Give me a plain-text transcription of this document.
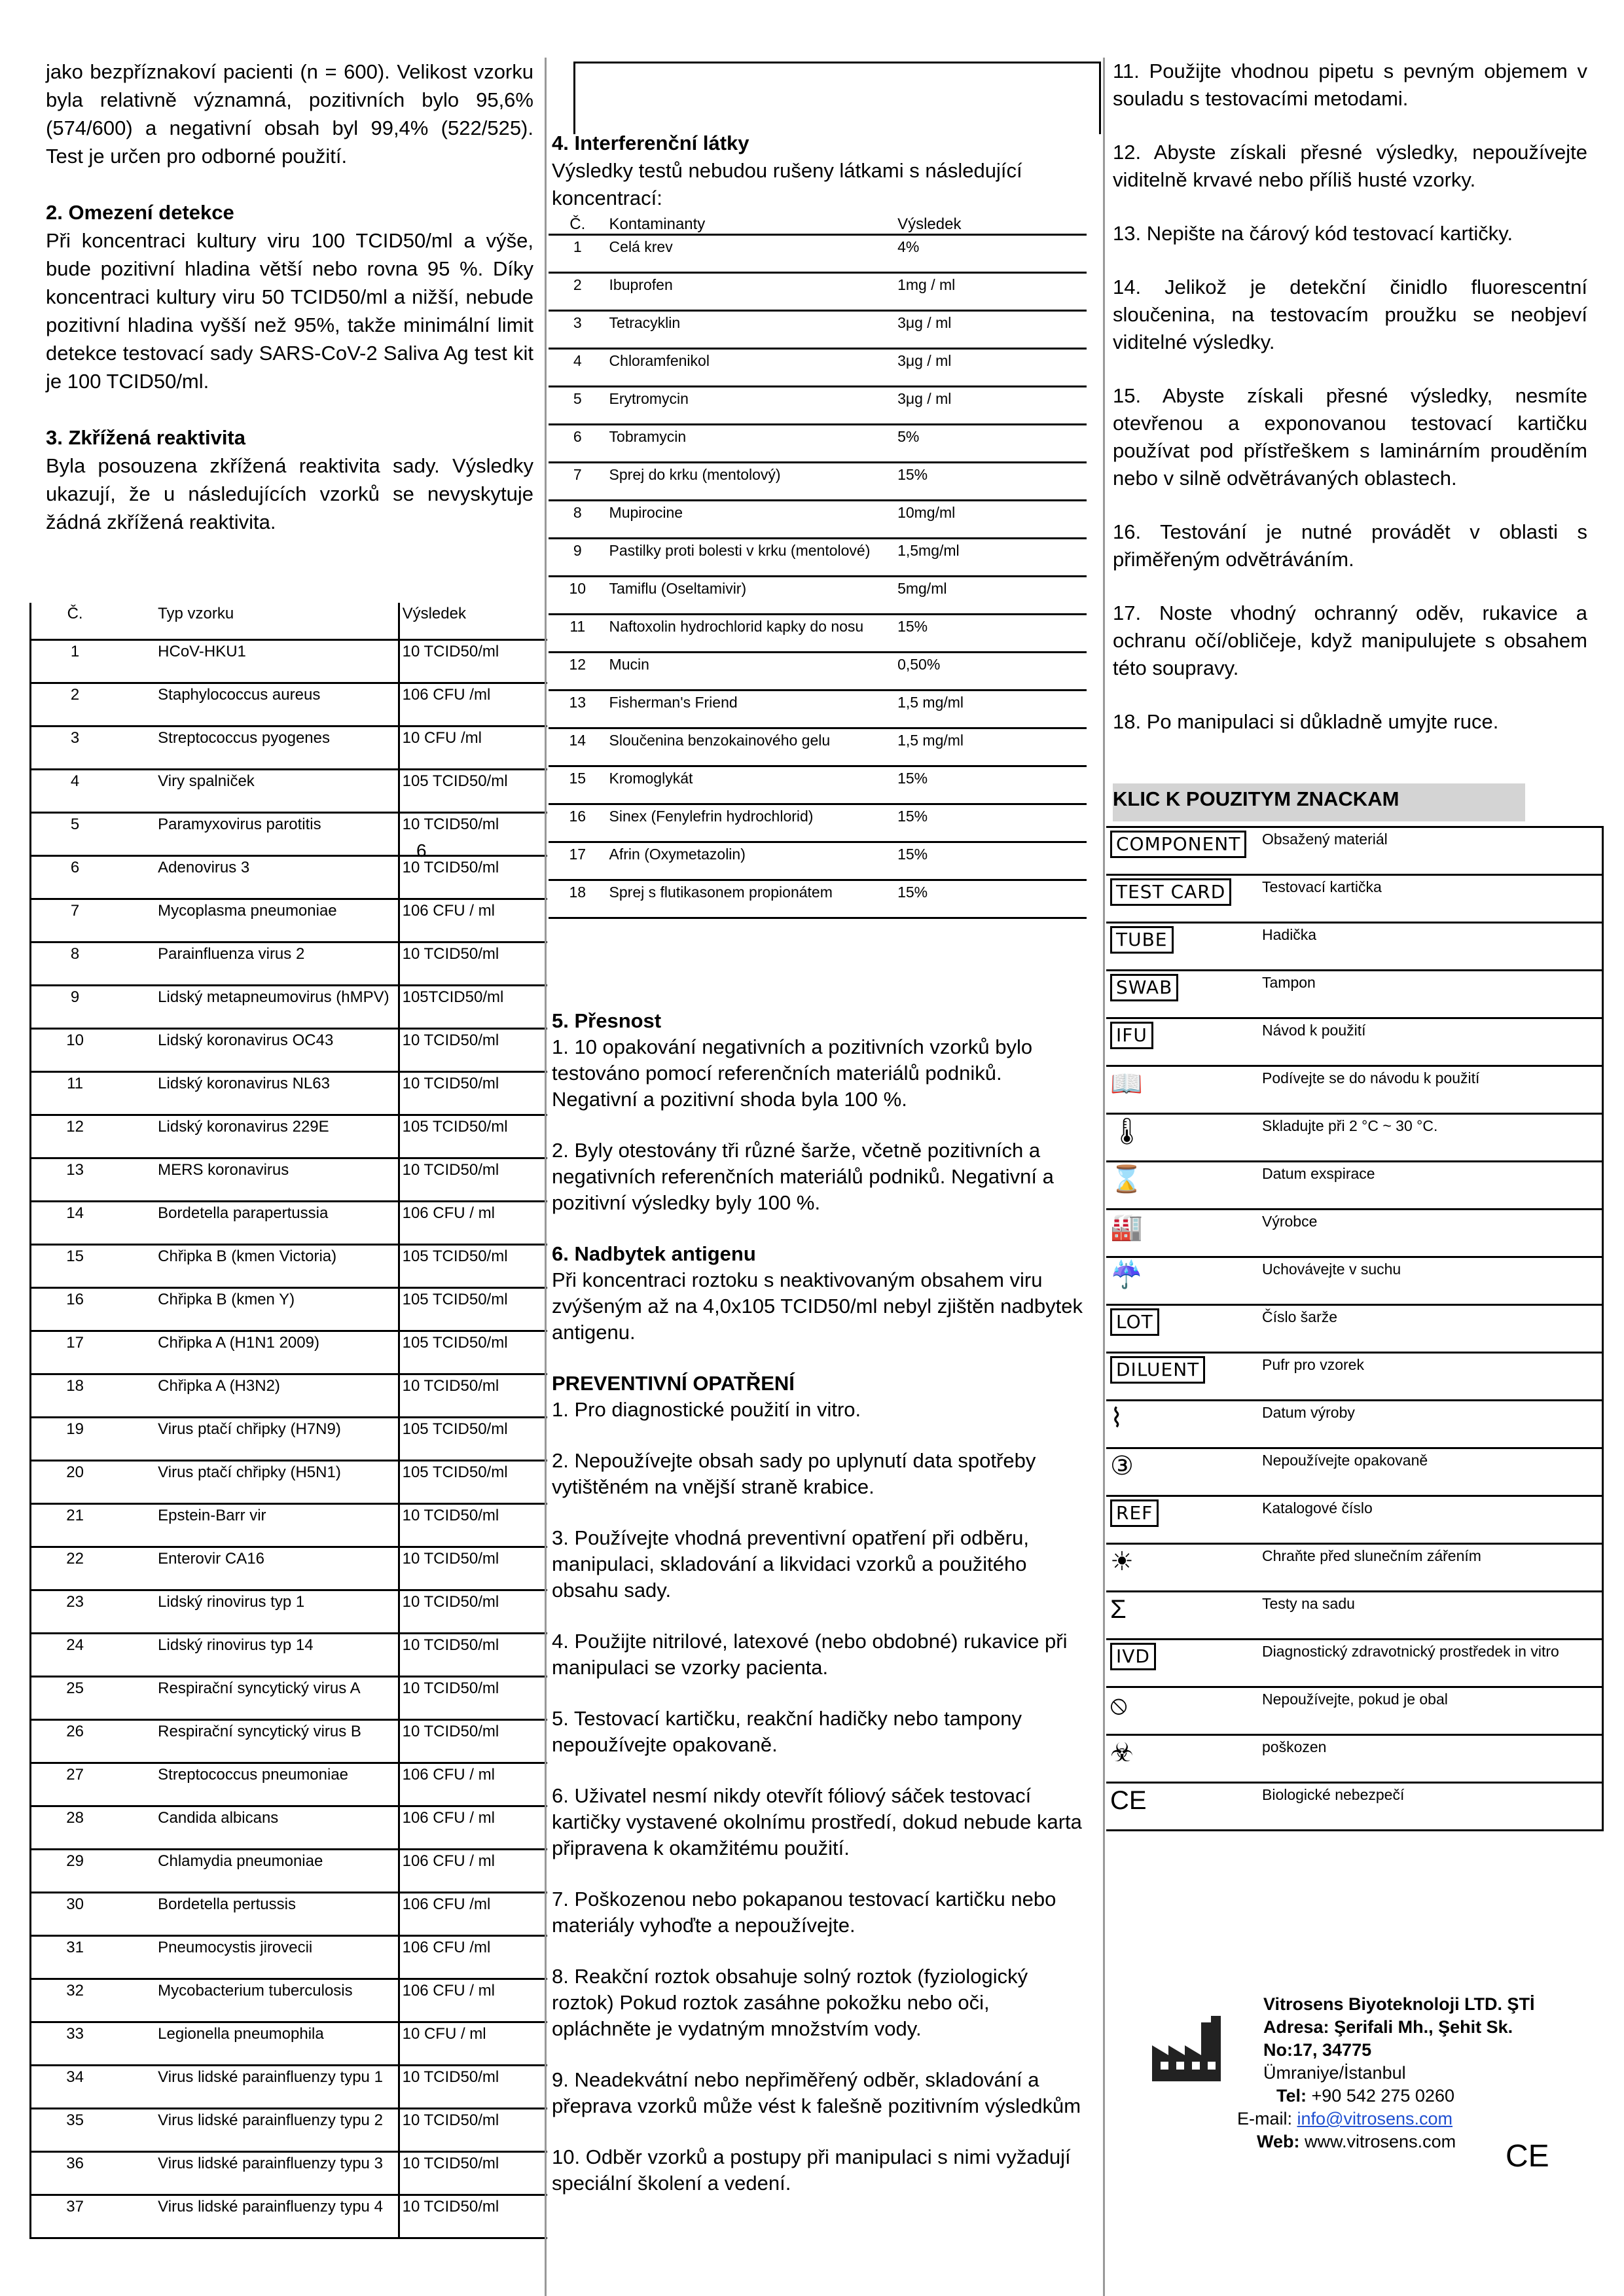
jako bezpříznakoví pacienti (n = 600). Velikost vzorku byla relativně významná, pozitivních bylo 95,6% (574/600) a negativní obsah byl 99,4% (522/525). Test je určen pro odborné použití.

2. Omezení detekce

Při koncentraci kultury viru 100 TCID50/ml a výše, bude pozitivní hladina větší nebo rovna 95 %. Díky koncentraci kultury viru 50 TCID50/ml a nižší, nebude pozitivní hladina vyšší než 95%, takže minimální limit detekce testovací sady SARS-CoV-2 Saliva Ag test kit je 100 TCID50/ml.

3. Zkřížená reaktivita

Byla posouzena zkřížená reaktivita sady. Výsledky ukazují, že u následujících vzorků se nevyskytuje žádná zkřížená reaktivita.

Č.	Typ vzorku	Výsledek
1	HCoV-HKU1	10 TCID50/ml
2	Staphylococcus aureus	106 CFU /ml
3	Streptococcus pyogenes	10 CFU /ml
4	Viry spalniček	105 TCID50/ml
5	Paramyxovirus parotitis	10 TCID50/ml
6	Adenovirus 3	10 TCID50/ml
7	Mycoplasma pneumoniae	106 CFU / ml
8	Parainfluenza virus 2	10 TCID50/ml
9	Lidský metapneumovirus (hMPV)	105TCID50/ml
10	Lidský koronavirus OC43	10 TCID50/ml
11	Lidský koronavirus NL63	10 TCID50/ml
12	Lidský koronavirus 229E	105 TCID50/ml
13	MERS koronavirus	10 TCID50/ml
14	Bordetella parapertussia	106 CFU / ml
15	Chřipka B (kmen Victoria)	105 TCID50/ml
16	Chřipka B (kmen Y)	105 TCID50/ml
17	Chřipka A (H1N1 2009)	105 TCID50/ml
18	Chřipka A (H3N2)	10 TCID50/ml
19	Virus ptačí chřipky (H7N9)	105 TCID50/ml
20	Virus ptačí chřipky (H5N1)	105 TCID50/ml
21	Epstein-Barr vir	10 TCID50/ml
22	Enterovir CA16	10 TCID50/ml
23	Lidský rinovirus typ 1	10 TCID50/ml
24	Lidský rinovirus typ 14	10 TCID50/ml
25	Respirační syncytický virus A	10 TCID50/ml
26	Respirační syncytický virus B	10 TCID50/ml
27	Streptococcus pneumoniae	106 CFU / ml
28	Candida albicans	106 CFU / ml
29	Chlamydia pneumoniae	106 CFU / ml
30	Bordetella pertussis	106 CFU /ml
31	Pneumocystis jirovecii	106 CFU /ml
32	Mycobacterium tuberculosis	106 CFU / ml
33	Legionella pneumophila	10 CFU / ml
34	Virus lidské parainfluenzy typu 1	10 TCID50/ml
35	Virus lidské parainfluenzy typu 2	10 TCID50/ml
36	Virus lidské parainfluenzy typu 3	10 TCID50/ml
37	Virus lidské parainfluenzy typu 4	10 TCID50/ml
6

4. Interferenční látky

Výsledky testů nebudou rušeny látkami s následující koncentrací:

Č.	Kontaminanty	Výsledek
1	Celá krev	4%
2	Ibuprofen	1mg / ml
3	Tetracyklin	3μg / ml
4	Chloramfenikol	3μg / ml
5	Erytromycin	3μg / ml
6	Tobramycin	5%
7	Sprej do krku (mentolový)	15%
8	Mupirocine	10mg/ml
9	Pastilky proti bolesti v krku (mentolové)	1,5mg/ml
10	Tamiflu (Oseltamivir)	5mg/ml
11	Naftoxolin hydrochlorid kapky do nosu	15%
12	Mucin	0,50%
13	Fisherman's Friend	1,5 mg/ml
14	Sloučenina benzokainového gelu	1,5 mg/ml
15	Kromoglykát	15%
16	Sinex (Fenylefrin hydrochlorid)	15%
17	Afrin (Oxymetazolin)	15%
18	Sprej s flutikasonem propionátem	15%

5. Přesnost

1. 10 opakování negativních a pozitivních vzorků bylo testováno pomocí referenčních materiálů podniků. Negativní a pozitivní shoda byla 100 %.

2. Byly otestovány tři různé šarže, včetně pozitivních a negativních referenčních materiálů podniků. Negativní a pozitivní výsledky byly 100 %.

6. Nadbytek antigenu

Při koncentraci roztoku s neaktivovaným obsahem viru zvýšeným až na 4,0x105 TCID50/ml nebyl zjištěn nadbytek antigenu.

PREVENTIVNÍ OPATŘENÍ

1. Pro diagnostické použití in vitro.

2. Nepoužívejte obsah sady po uplynutí data spotřeby vytištěném na vnější straně krabice.

3. Používejte vhodná preventivní opatření při odběru, manipulaci, skladování a likvidaci vzorků a použitého obsahu sady.

4. Použijte nitrilové, latexové (nebo obdobné) rukavice při manipulaci se vzorky pacienta.

5. Testovací kartičku, reakční hadičky nebo tampony nepoužívejte opakovaně.

6. Uživatel nesmí nikdy otevřít fóliový sáček testovací kartičky vystavené okolnímu prostředí, dokud nebude karta připravena k okamžitému použití.

7. Poškozenou nebo pokapanou testovací kartičku nebo materiály vyhoďte a nepoužívejte.

8. Reakční roztok obsahuje solný roztok (fyziologický roztok) Pokud roztok zasáhne pokožku nebo oči, opláchněte je vydatným množstvím vody.

9. Neadekvátní nebo nepřiměřený odběr, skladování a přeprava vzorků může vést k falešně pozitivním výsledkům

10. Odběr vzorků a postupy při manipulaci s nimi vyžadují speciální školení a vedení.

11. Použijte vhodnou pipetu s pevným objemem v souladu s testovacími metodami.

12. Abyste získali přesné výsledky, nepoužívejte viditelně krvavé nebo příliš husté vzorky.

13. Nepište na čárový kód testovací kartičky.

14. Jelikož je detekční činidlo fluorescentní sloučenina, na testovacím proužku se neobjeví viditelné výsledky.

15. Abyste získali přesné výsledky, nesmíte otevřenou a exponovanou testovací kartičku používat pod přístřeškem s laminárním prouděním nebo v silně odvětrávaných oblastech.

16. Testování je nutné provádět v oblasti s přiměřeným odvětráváním.

17. Noste vhodný ochranný oděv, rukavice a ochranu očí/obličeje, když manipulujete s obsahem této soupravy.

18. Po manipulaci si důkladně umyjte ruce.

KLIC K POUZITYM ZNACKAM
COMPONENT	Obsažený materiál
TEST CARD	Testovací kartička
TUBE	Hadička
SWAB	Tampon
IFU	Návod k použití
📖	Podívejte se do návodu k použití
🌡	Skladujte při 2 °C ~ 30 °C.
⌛	Datum exspirace
🏭	Výrobce
☔	Uchovávejte v suchu
LOT	Číslo šarže
DILUENT	Pufr pro vzorek
⌇	Datum výroby
③	Nepoužívejte opakovaně
REF	Katalogové číslo
☀	Chraňte před slunečním zářením
Σ	Testy na sadu
IVD	Diagnostický zdravotnický prostředek in vitro
⦸	Nepoužívejte, pokud je obal
☣	poškozen
CE	Biologické nebezpečí
Vitrosens Biyoteknoloji LTD. ŞTİ
Adresa: Şerifali Mh., Şehit Sk.
No:17, 34775
Ümraniye/İstanbul
Tel: +90 542 275 0260
E-mail: info@vitrosens.com
Web: www.vitrosens.com	CE
